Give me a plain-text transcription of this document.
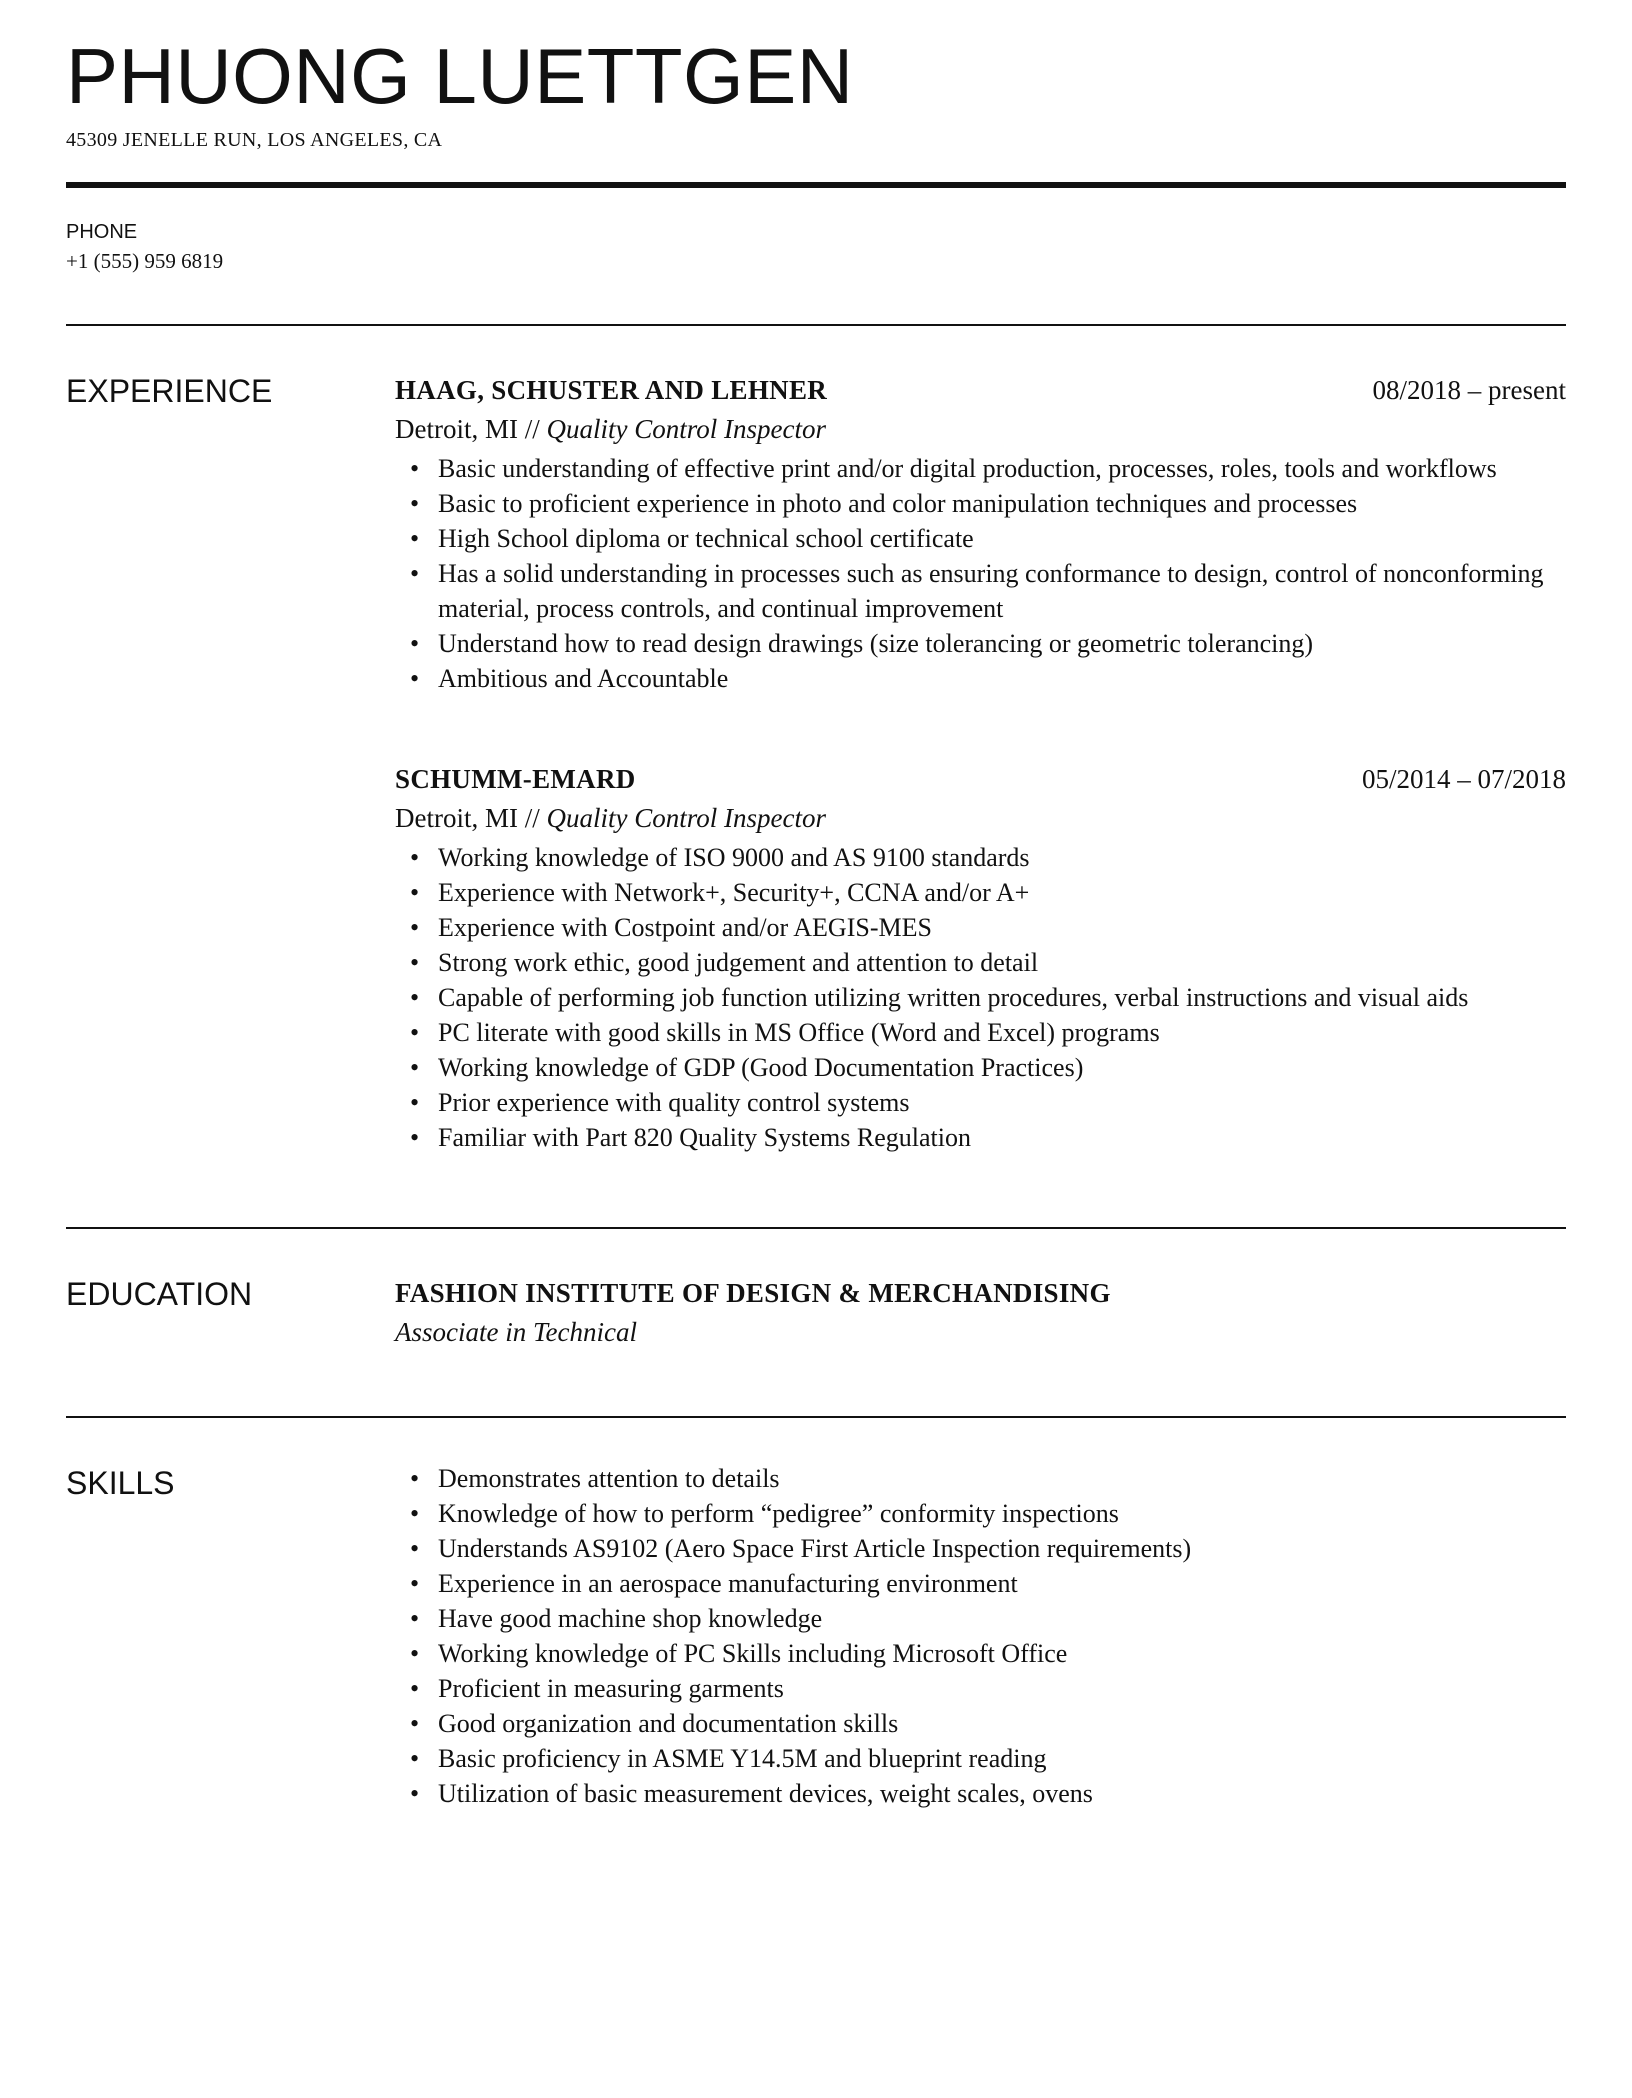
PHUONG LUETTGEN
45309 JENELLE RUN, LOS ANGELES, CA
PHONE
+1 (555) 959 6819
EXPERIENCE	HAAG, SCHUSTER AND LEHNER	08/2018 – present
Detroit, MI // Quality Control Inspector
• Basic understanding of effective print and/or digital production, processes, roles, tools and workflows
• Basic to proficient experience in photo and color manipulation techniques and processes
• High School diploma or technical school certificate
• Has a solid understanding in processes such as ensuring conformance to design, control of nonconforming material, process controls, and continual improvement
• Understand how to read design drawings (size tolerancing or geometric tolerancing)
• Ambitious and Accountable
SCHUMM-EMARD	05/2014 – 07/2018
Detroit, MI // Quality Control Inspector
• Working knowledge of ISO 9000 and AS 9100 standards
• Experience with Network+, Security+, CCNA and/or A+
• Experience with Costpoint and/or AEGIS-MES
• Strong work ethic, good judgement and attention to detail
• Capable of performing job function utilizing written procedures, verbal instructions and visual aids
• PC literate with good skills in MS Office (Word and Excel) programs
• Working knowledge of GDP (Good Documentation Practices)
• Prior experience with quality control systems
• Familiar with Part 820 Quality Systems Regulation
EDUCATION	FASHION INSTITUTE OF DESIGN & MERCHANDISING
Associate in Technical
SKILLS
•	Demonstrates attention to details
• Knowledge of how to perform “pedigree” conformity inspections
• Understands AS9102 (Aero Space First Article Inspection requirements)
• Experience in an aerospace manufacturing environment
• Have good machine shop knowledge
• Working knowledge of PC Skills including Microsoft Office
• Proficient in measuring garments
• Good organization and documentation skills
• Basic proficiency in ASME Y14.5M and blueprint reading
• Utilization of basic measurement devices, weight scales, ovens
